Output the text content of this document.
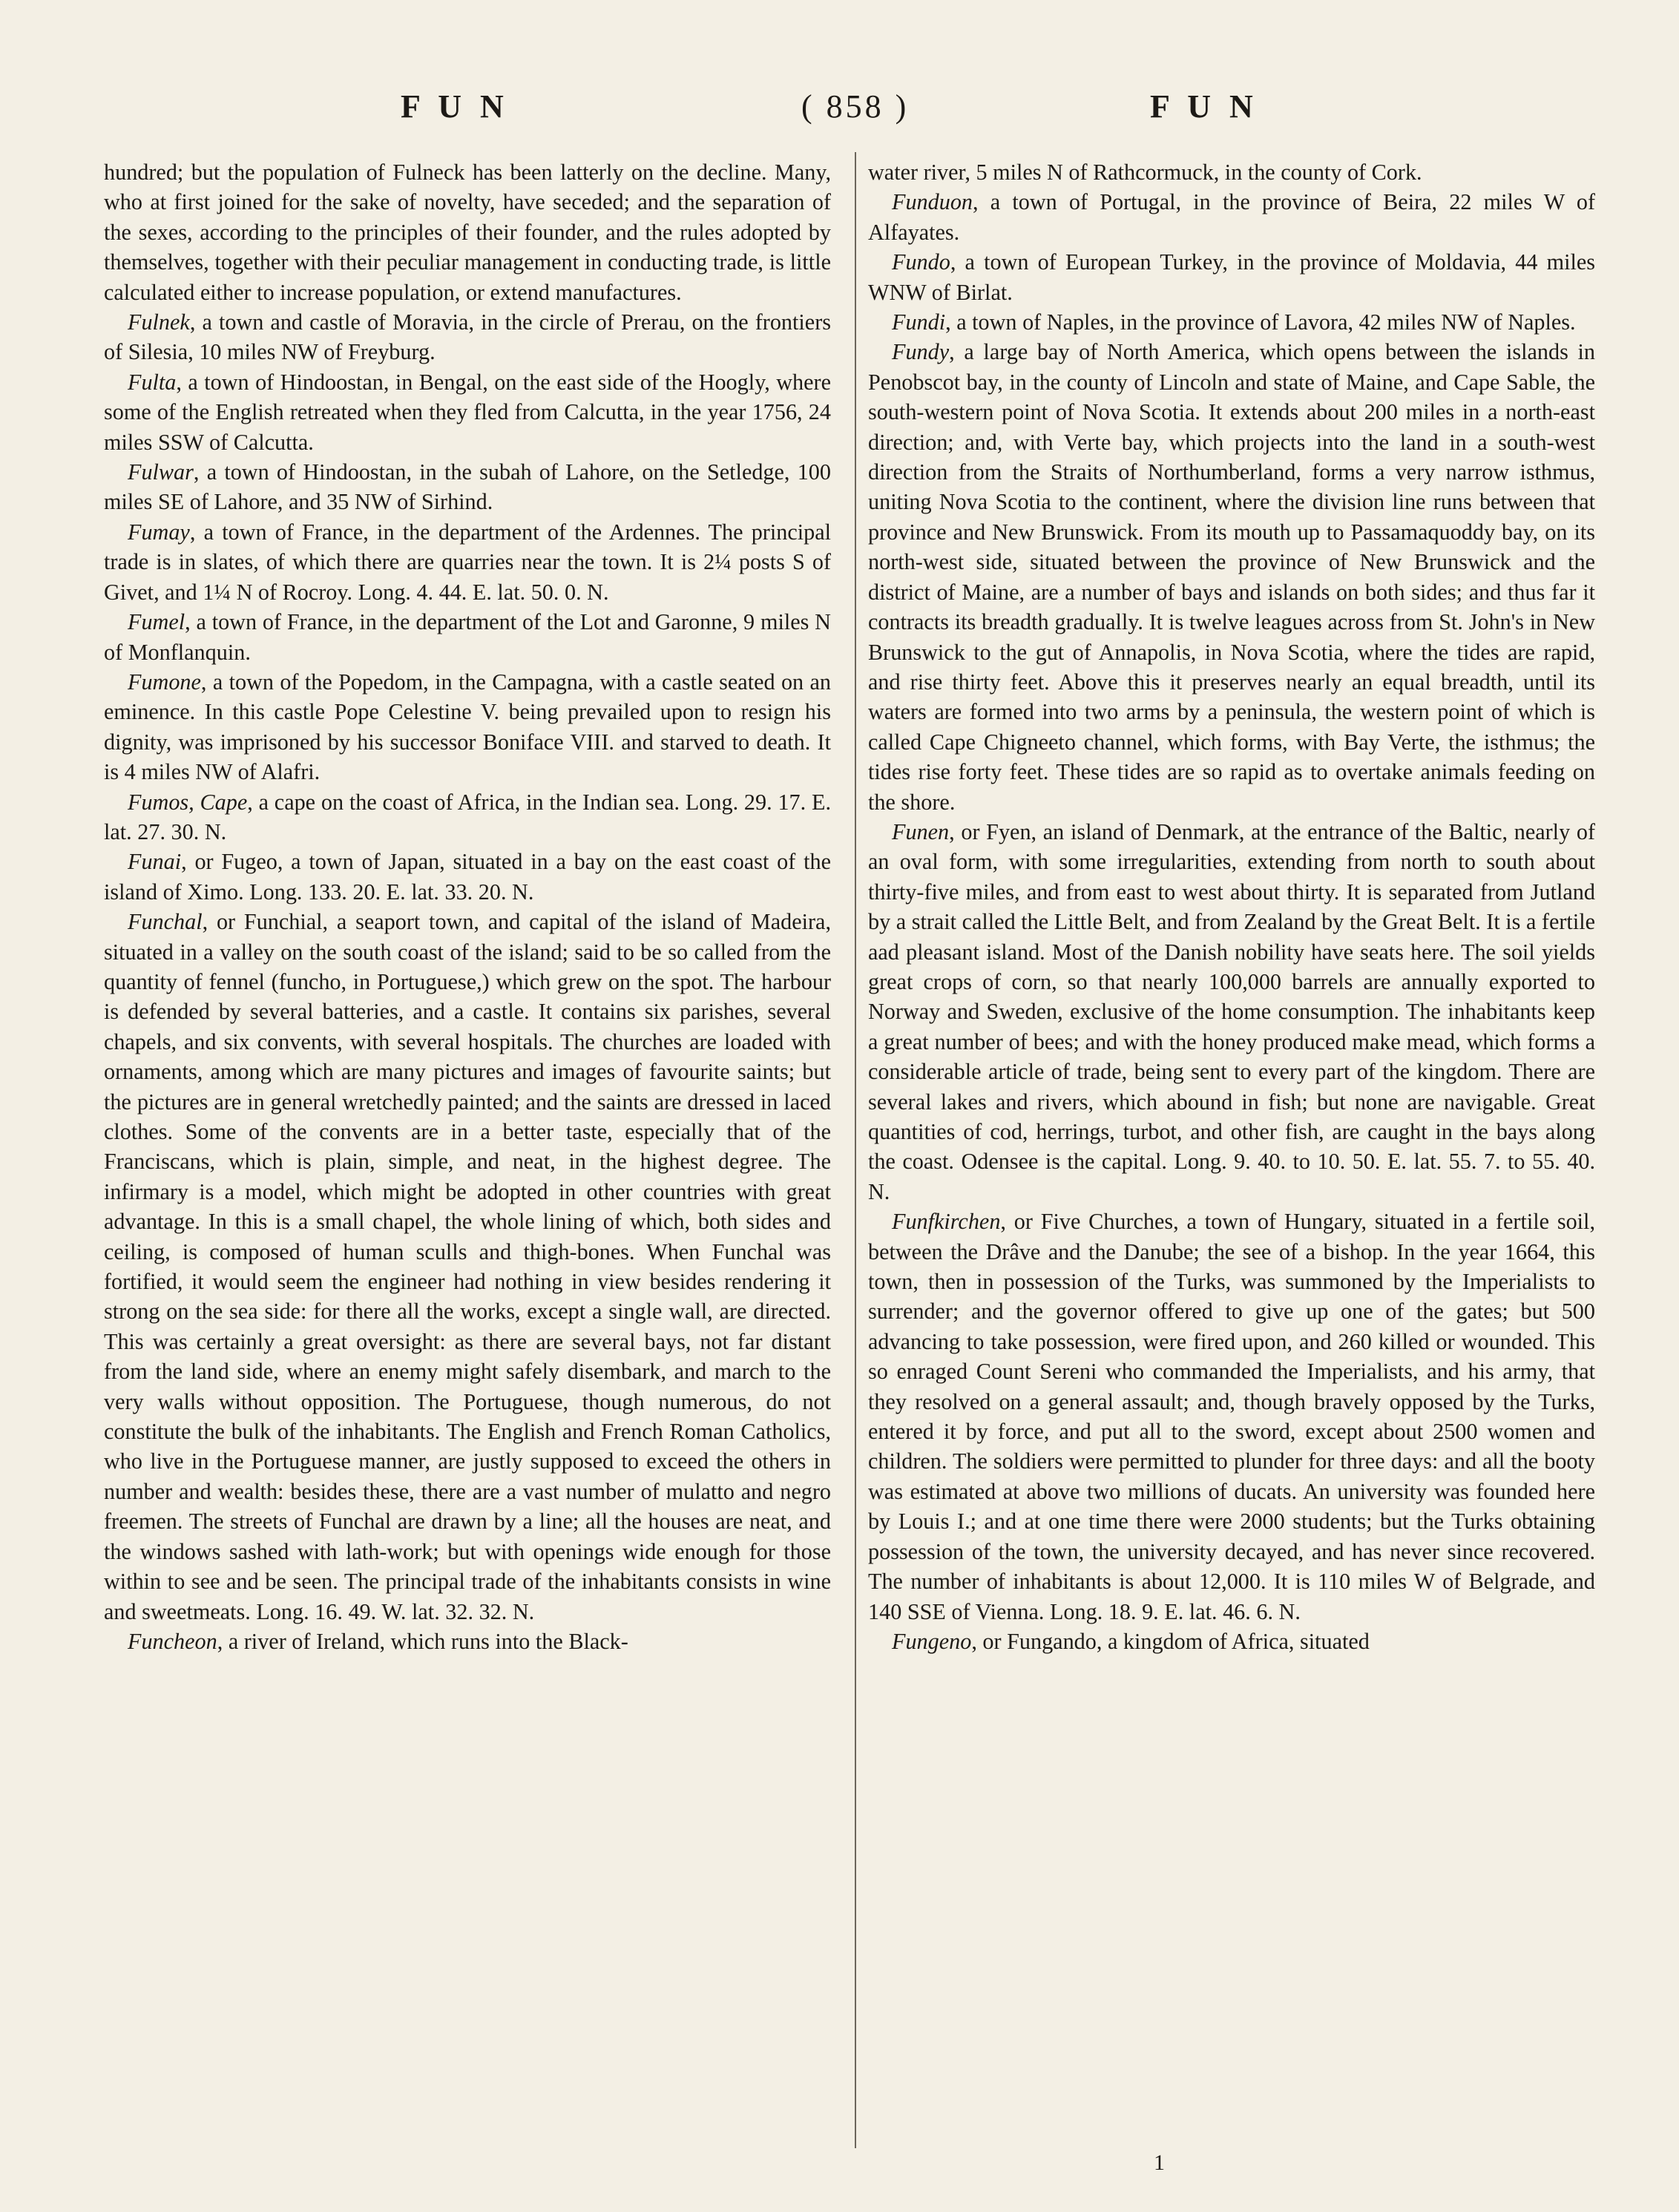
F U N	( 858 )	F U N

hundred; but the population of Fulneck has been latterly on the decline. Many, who at first joined for the sake of novelty, have seceded; and the separation of the sexes, according to the principles of their founder, and the rules adopted by themselves, together with their peculiar management in conducting trade, is little calculated either to increase population, or extend manufactures.

Fulnek, a town and castle of Moravia, in the circle of Prerau, on the frontiers of Silesia, 10 miles NW of Freyburg.

Fulta, a town of Hindoostan, in Bengal, on the east side of the Hoogly, where some of the English retreated when they fled from Calcutta, in the year 1756, 24 miles SSW of Calcutta.

Fulwar, a town of Hindoostan, in the subah of Lahore, on the Setledge, 100 miles SE of Lahore, and 35 NW of Sirhind.

Fumay, a town of France, in the department of the Ardennes. The principal trade is in slates, of which there are quarries near the town. It is 2¼ posts S of Givet, and 1¼ N of Rocroy. Long. 4. 44. E. lat. 50. 0. N.

Fumel, a town of France, in the department of the Lot and Garonne, 9 miles N of Monflanquin.

Fumone, a town of the Popedom, in the Campagna, with a castle seated on an eminence. In this castle Pope Celestine V. being prevailed upon to resign his dignity, was imprisoned by his successor Boniface VIII. and starved to death. It is 4 miles NW of Alafri.

Fumos, Cape, a cape on the coast of Africa, in the Indian sea. Long. 29. 17. E. lat. 27. 30. N.

Funai, or Fugeo, a town of Japan, situated in a bay on the east coast of the island of Ximo. Long. 133. 20. E. lat. 33. 20. N.

Funchal, or Funchial, a seaport town, and capital of the island of Madeira, situated in a valley on the south coast of the island; said to be so called from the quantity of fennel (funcho, in Portuguese,) which grew on the spot. The harbour is defended by several batteries, and a castle. It contains six parishes, several chapels, and six convents, with several hospitals. The churches are loaded with ornaments, among which are many pictures and images of favourite saints; but the pictures are in general wretchedly painted; and the saints are dressed in laced clothes. Some of the convents are in a better taste, especially that of the Franciscans, which is plain, simple, and neat, in the highest degree. The infirmary is a model, which might be adopted in other countries with great advantage. In this is a small chapel, the whole lining of which, both sides and ceiling, is composed of human sculls and thigh-bones. When Funchal was fortified, it would seem the engineer had nothing in view besides rendering it strong on the sea side: for there all the works, except a single wall, are directed. This was certainly a great oversight: as there are several bays, not far distant from the land side, where an enemy might safely disembark, and march to the very walls without opposition. The Portuguese, though numerous, do not constitute the bulk of the inhabitants. The English and French Roman Catholics, who live in the Portuguese manner, are justly supposed to exceed the others in number and wealth: besides these, there are a vast number of mulatto and negro freemen. The streets of Funchal are drawn by a line; all the houses are neat, and the windows sashed with lath-work; but with openings wide enough for those within to see and be seen. The principal trade of the inhabitants consists in wine and sweetmeats. Long. 16. 49. W. lat. 32. 32. N.

Funcheon, a river of Ireland, which runs into the Black-

water river, 5 miles N of Rathcormuck, in the county of Cork.

Funduon, a town of Portugal, in the province of Beira, 22 miles W of Alfayates.

Fundo, a town of European Turkey, in the province of Moldavia, 44 miles WNW of Birlat.

Fundi, a town of Naples, in the province of Lavora, 42 miles NW of Naples.

Fundy, a large bay of North America, which opens between the islands in Penobscot bay, in the county of Lincoln and state of Maine, and Cape Sable, the south-western point of Nova Scotia. It extends about 200 miles in a north-east direction; and, with Verte bay, which projects into the land in a south-west direction from the Straits of Northumberland, forms a very narrow isthmus, uniting Nova Scotia to the continent, where the division line runs between that province and New Brunswick. From its mouth up to Passamaquoddy bay, on its north-west side, situated between the province of New Brunswick and the district of Maine, are a number of bays and islands on both sides; and thus far it contracts its breadth gradually. It is twelve leagues across from St. John's in New Brunswick to the gut of Annapolis, in Nova Scotia, where the tides are rapid, and rise thirty feet. Above this it preserves nearly an equal breadth, until its waters are formed into two arms by a peninsula, the western point of which is called Cape Chigneeto channel, which forms, with Bay Verte, the isthmus; the tides rise forty feet. These tides are so rapid as to overtake animals feeding on the shore.

Funen, or Fyen, an island of Denmark, at the entrance of the Baltic, nearly of an oval form, with some irregularities, extending from north to south about thirty-five miles, and from east to west about thirty. It is separated from Jutland by a strait called the Little Belt, and from Zealand by the Great Belt. It is a fertile aad pleasant island. Most of the Danish nobility have seats here. The soil yields great crops of corn, so that nearly 100,000 barrels are annually exported to Norway and Sweden, exclusive of the home consumption. The inhabitants keep a great number of bees; and with the honey produced make mead, which forms a considerable article of trade, being sent to every part of the kingdom. There are several lakes and rivers, which abound in fish; but none are navigable. Great quantities of cod, herrings, turbot, and other fish, are caught in the bays along the coast. Odensee is the capital. Long. 9. 40. to 10. 50. E. lat. 55. 7. to 55. 40. N.

Funfkirchen, or Five Churches, a town of Hungary, situated in a fertile soil, between the Drâve and the Danube; the see of a bishop. In the year 1664, this town, then in possession of the Turks, was summoned by the Imperialists to surrender; and the governor offered to give up one of the gates; but 500 advancing to take possession, were fired upon, and 260 killed or wounded. This so enraged Count Sereni who commanded the Imperialists, and his army, that they resolved on a general assault; and, though bravely opposed by the Turks, entered it by force, and put all to the sword, except about 2500 women and children. The soldiers were permitted to plunder for three days: and all the booty was estimated at above two millions of ducats. An university was founded here by Louis I.; and at one time there were 2000 students; but the Turks obtaining possession of the town, the university decayed, and has never since recovered. The number of inhabitants is about 12,000. It is 110 miles W of Belgrade, and 140 SSE of Vienna. Long. 18. 9. E. lat. 46. 6. N.

Fungeno, or Fungando, a kingdom of Africa, situated

1
